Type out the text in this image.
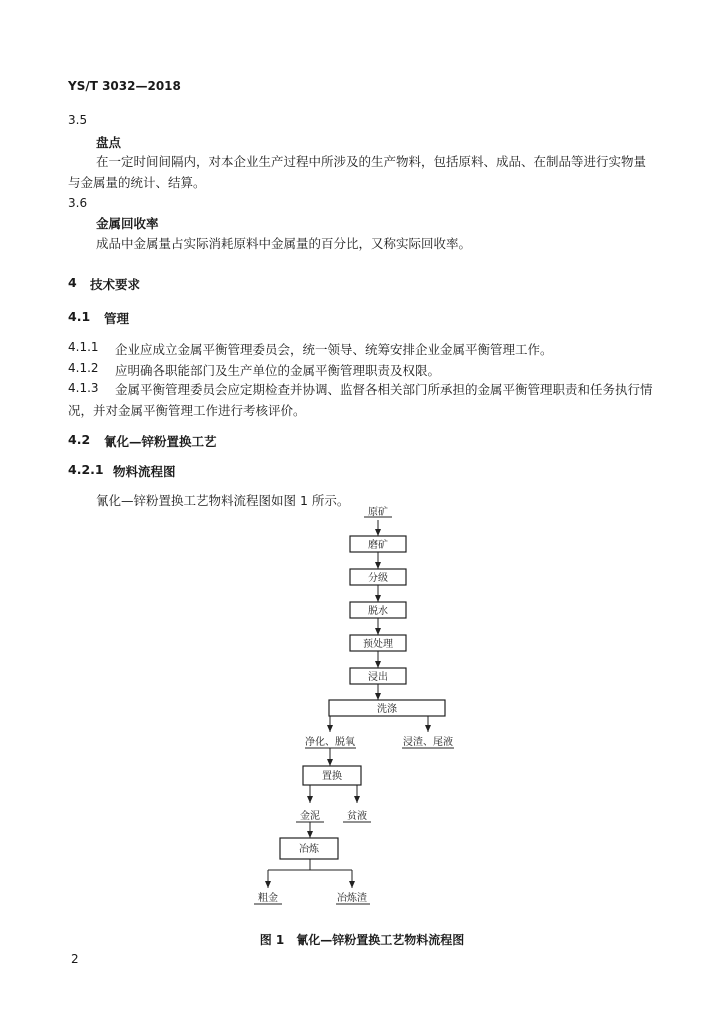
YS/T 3032—2018
3.5
盘点
在一定时间间隔内，对本企业生产过程中所涉及的生产物料，包括原料、成品、在制品等进行实物量与金属量的统计、结算。
3.6
金属回收率
成品中金属量占实际消耗原料中金属量的百分比，又称实际回收率。
4 技术要求
4.1 管理
4.1.1 企业应成立金属平衡管理委员会，统一领导、统筹安排企业金属平衡管理工作。
4.1.2 应明确各职能部门及生产单位的金属平衡管理职责及权限。
4.1.3	金属平衡管理委员会应定期检查并协调、监督各相关部门所承担的金属平衡管理职责和任务执行情况，并对金属平衡管理工作进行考核评价。
4.2 氰化—锌粉置换工艺
4.2.1 物料流程图
氰化—锌粉置换工艺物料流程图如图 1 所示。
原矿
磨矿
分级
脱水
预处理
浸出
洗涤
净化、脱氧	浸渣、尾液
置换
金泥	贫液
冶炼
粗金	冶炼渣
图 1　氰化—锌粉置换工艺物料流程图
2
